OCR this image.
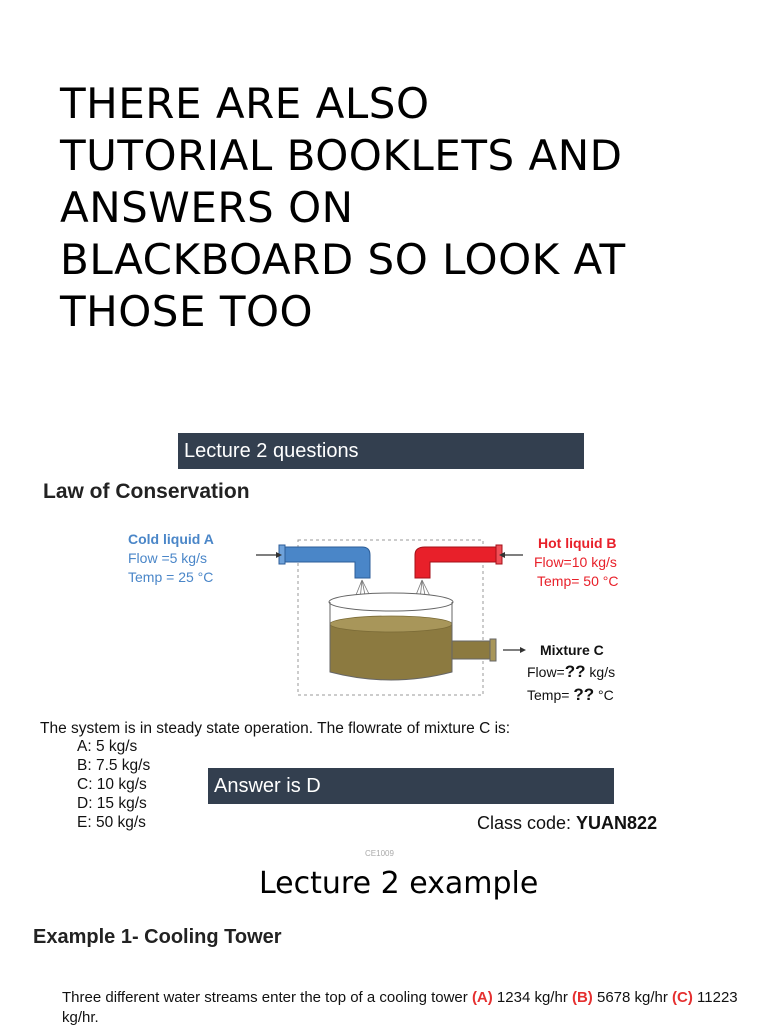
THERE ARE ALSO
TUTORIAL BOOKLETS AND
ANSWERS ON
BLACKBOARD SO LOOK AT
THOSE TOO
Lecture 2 questions
Law of Conservation
Cold liquid A
Flow =5 kg/s
Temp = 25 °C
Hot liquid B
Flow=10 kg/s
Temp= 50 °C
Mixture C
Flow=?? kg/s
Temp= ?? °C
The system is in steady state operation. The flowrate of mixture C is:
A: 5 kg/s
B: 7.5 kg/s
C: 10 kg/s
D: 15 kg/s
E: 50 kg/s
Answer is D
Class code: YUAN822
CE1009
Lecture 2 example
Example 1- Cooling Tower
Three different water streams enter the top of a cooling tower (A) 1234 kg/hr (B) 5678 kg/hr (C) 11223 kg/hr.
